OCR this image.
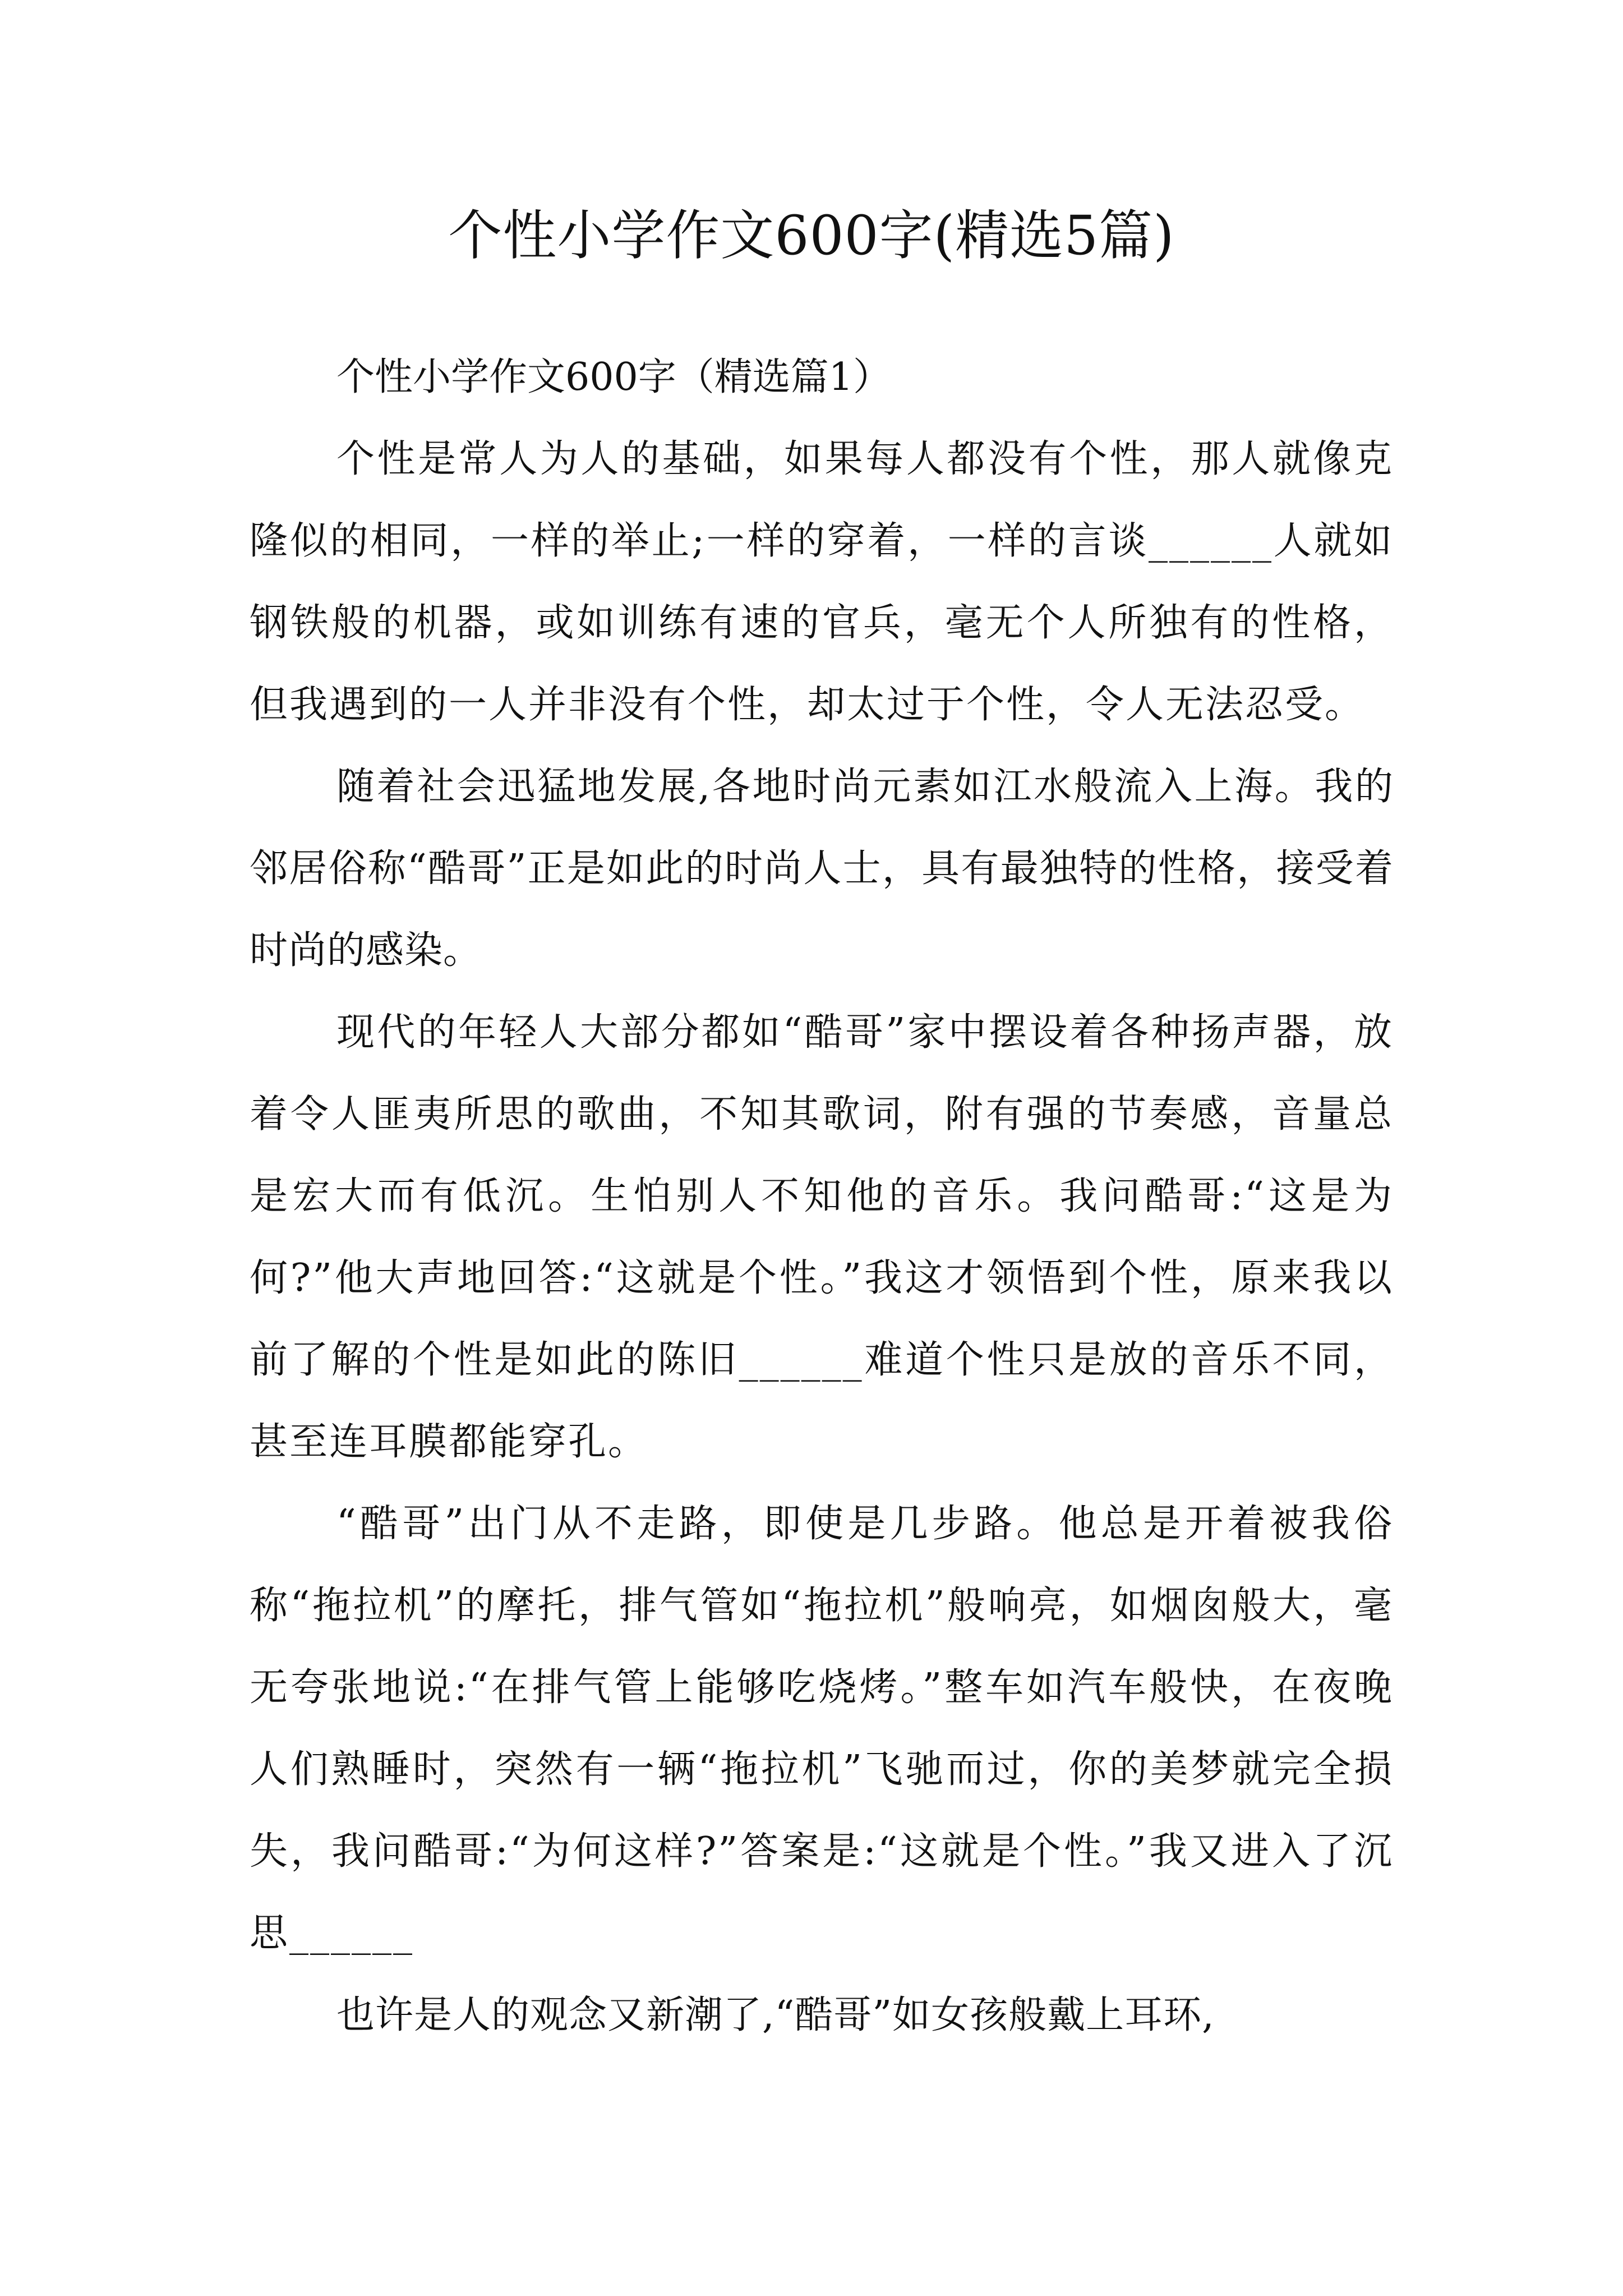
个性小学作文600字(精选5篇)

个性小学作文600字（精选篇1）

个性是常人为人的基础，如果每人都没有个性，那人就像克隆似的相同，一样的举止;一样的穿着，一样的言谈______人就如钢铁般的机器，或如训练有速的官兵，毫无个人所独有的性格，但我遇到的一人并非没有个性，却太过于个性，令人无法忍受。

随着社会迅猛地发展,各地时尚元素如江水般流入上海。我的邻居俗称“酷哥”正是如此的时尚人士，具有最独特的性格，接受着时尚的感染。

现代的年轻人大部分都如“酷哥”家中摆设着各种扬声器，放着令人匪夷所思的歌曲，不知其歌词，附有强的节奏感，音量总是宏大而有低沉。生怕别人不知他的音乐。我问酷哥:“这是为何?”他大声地回答:“这就是个性。”我这才领悟到个性，原来我以前了解的个性是如此的陈旧______难道个性只是放的音乐不同，甚至连耳膜都能穿孔。

“酷哥”出门从不走路，即使是几步路。他总是开着被我俗称“拖拉机”的摩托，排气管如“拖拉机”般响亮，如烟囱般大，毫无夸张地说:“在排气管上能够吃烧烤。”整车如汽车般快，在夜晚人们熟睡时，突然有一辆“拖拉机”飞驰而过，你的美梦就完全损失，我问酷哥:“为何这样?”答案是:“这就是个性。”我又进入了沉思______

也许是人的观念又新潮了,“酷哥”如女孩般戴上耳环,
